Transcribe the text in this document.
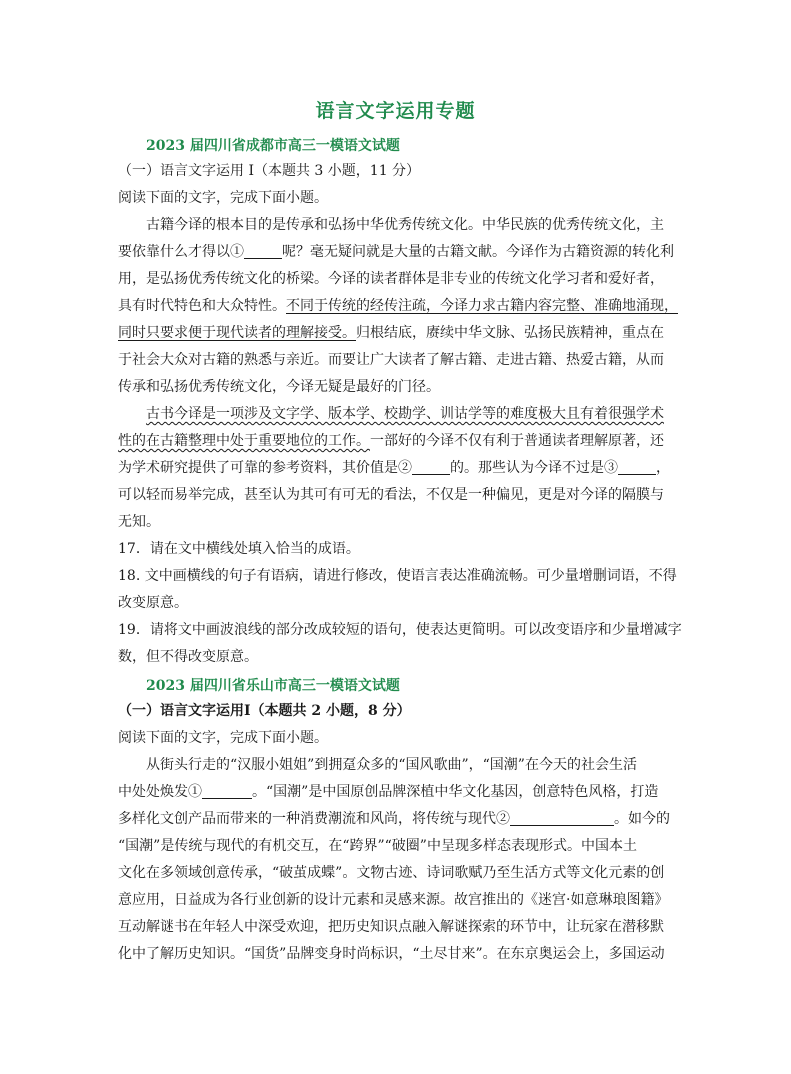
语言文字运用专题
2023 届四川省成都市高三一模语文试题
（一）语言文字运用 I（本题共 3 小题，11 分）
阅读下面的文字，完成下面小题。
古籍今译的根本目的是传承和弘扬中华优秀传统文化。中华民族的优秀传统文化，主
要依靠什么才得以①	呢？毫无疑问就是大量的古籍文献。今译作为古籍资源的转化利
用，是弘扬优秀传统文化的桥梁。今译的读者群体是非专业的传统文化学习者和爱好者，
具有时代特色和大众特性。不同于传统的经传注疏，今译力求古籍内容完整、准确地涌现，
同时只要求便于现代读者的理解接受。归根结底，赓续中华文脉、弘扬民族精神，重点在
于社会大众对古籍的熟悉与亲近。而要让广大读者了解古籍、走进古籍、热爱古籍，从而
传承和弘扬优秀传统文化，今译无疑是最好的门径。
古书今译是一项涉及文字学、版本学、校勘学、训诂学等的难度极大且有着很强学术
性的在古籍整理中处于重要地位的工作。一部好的今译不仅有利于普通读者理解原著，还
为学术研究提供了可靠的参考资料，其价值是②	的。那些认为今译不过是③	，
可以轻而易举完成，甚至认为其可有可无的看法，不仅是一种偏见，更是对今译的隔膜与
无知。
17．请在文中横线处填入恰当的成语。
18. 文中画横线的句子有语病，请进行修改，使语言表达准确流畅。可少量增删词语，不得
改变原意。
19．请将文中画波浪线的部分改成较短的语句，使表达更简明。可以改变语序和少量增减字
数，但不得改变原意。
2023 届四川省乐山市高三一模语文试题
（一）语言文字运用Ⅰ（本题共 2 小题，8 分）
阅读下面的文字，完成下面小题。
从街头行走的“汉服小姐姐”到拥趸众多的“国风歌曲”，“国潮”在今天的社会生活
中处处焕发①	。“国潮”是中国原创品牌深植中华文化基因，创意特色风格，打造
多样化文创产品而带来的一种消费潮流和风尚，将传统与现代②	。如今的
“国潮”是传统与现代的有机交互，在“跨界”“破圈”中呈现多样态表现形式。中国本土
文化在多领域创意传承，“破茧成蝶”。文物古迹、诗词歌赋乃至生活方式等文化元素的创
意应用，日益成为各行业创新的设计元素和灵感来源。故宫推出的《迷宫·如意琳琅图籍》
互动解谜书在年轻人中深受欢迎，把历史知识点融入解谜探索的环节中，让玩家在潜移默
化中了解历史知识。“国货”品牌变身时尚标识，“土尽甘来”。在东京奥运会上，多国运动
